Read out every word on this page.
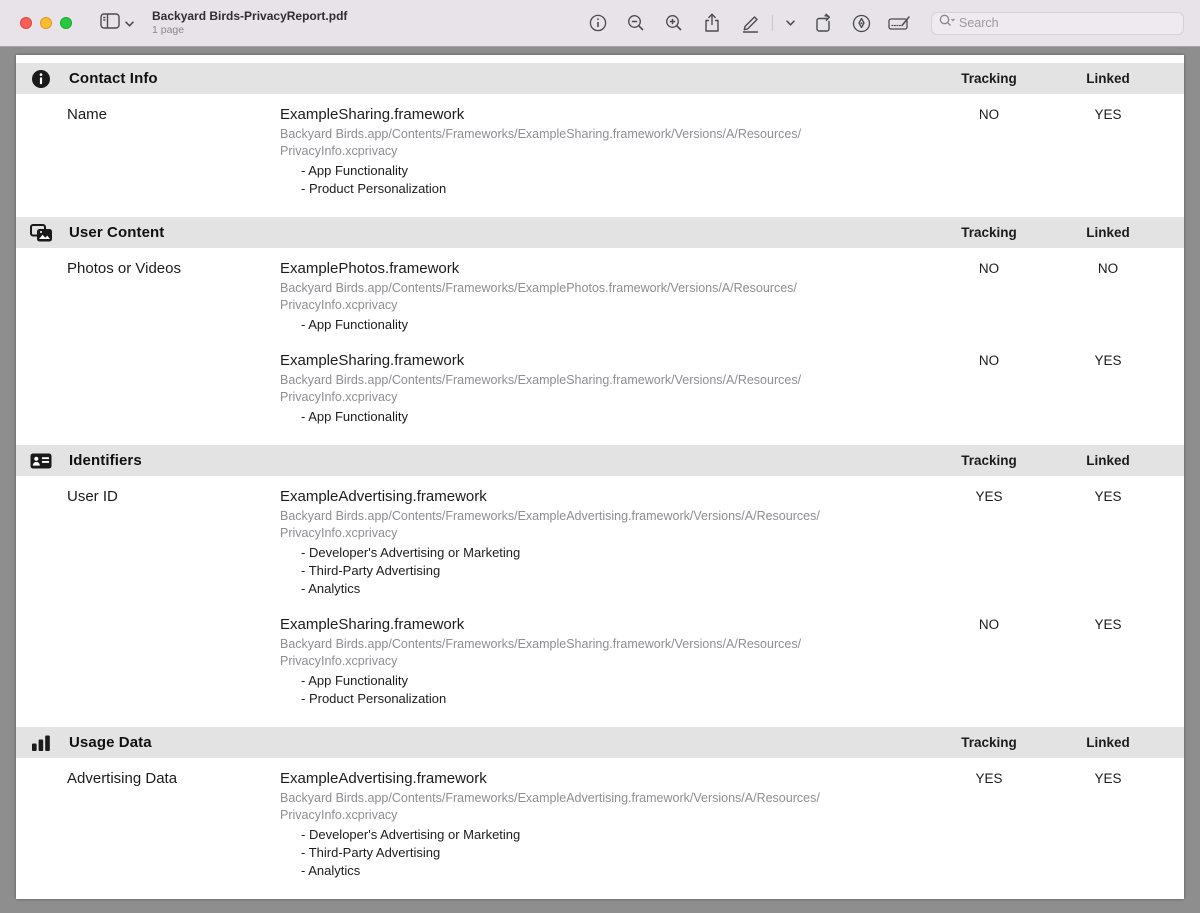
Backyard Birds-PrivacyReport.pdf
1 page
Search
Contact Info	Tracking	Linked
Name	ExampleSharing.framework
Backyard Birds.app/Contents/Frameworks/ExampleSharing.framework/Versions/A/Resources/
PrivacyInfo.xcprivacy
- App Functionality
- Product Personalization
NO	YES
User Content	Tracking	Linked
Photos or Videos	ExamplePhotos.framework
Backyard Birds.app/Contents/Frameworks/ExamplePhotos.framework/Versions/A/Resources/
PrivacyInfo.xcprivacy
- App Functionality
NO	NO
ExampleSharing.framework
Backyard Birds.app/Contents/Frameworks/ExampleSharing.framework/Versions/A/Resources/
PrivacyInfo.xcprivacy
- App Functionality
NO	YES
Identifiers	Tracking	Linked
User ID	ExampleAdvertising.framework
Backyard Birds.app/Contents/Frameworks/ExampleAdvertising.framework/Versions/A/Resources/
PrivacyInfo.xcprivacy
- Developer's Advertising or Marketing
- Third-Party Advertising
- Analytics
YES	YES
ExampleSharing.framework
Backyard Birds.app/Contents/Frameworks/ExampleSharing.framework/Versions/A/Resources/
PrivacyInfo.xcprivacy
- App Functionality
- Product Personalization
NO	YES
Usage Data	Tracking	Linked
Advertising Data	ExampleAdvertising.framework
Backyard Birds.app/Contents/Frameworks/ExampleAdvertising.framework/Versions/A/Resources/
PrivacyInfo.xcprivacy
- Developer's Advertising or Marketing
- Third-Party Advertising
- Analytics
YES	YES
